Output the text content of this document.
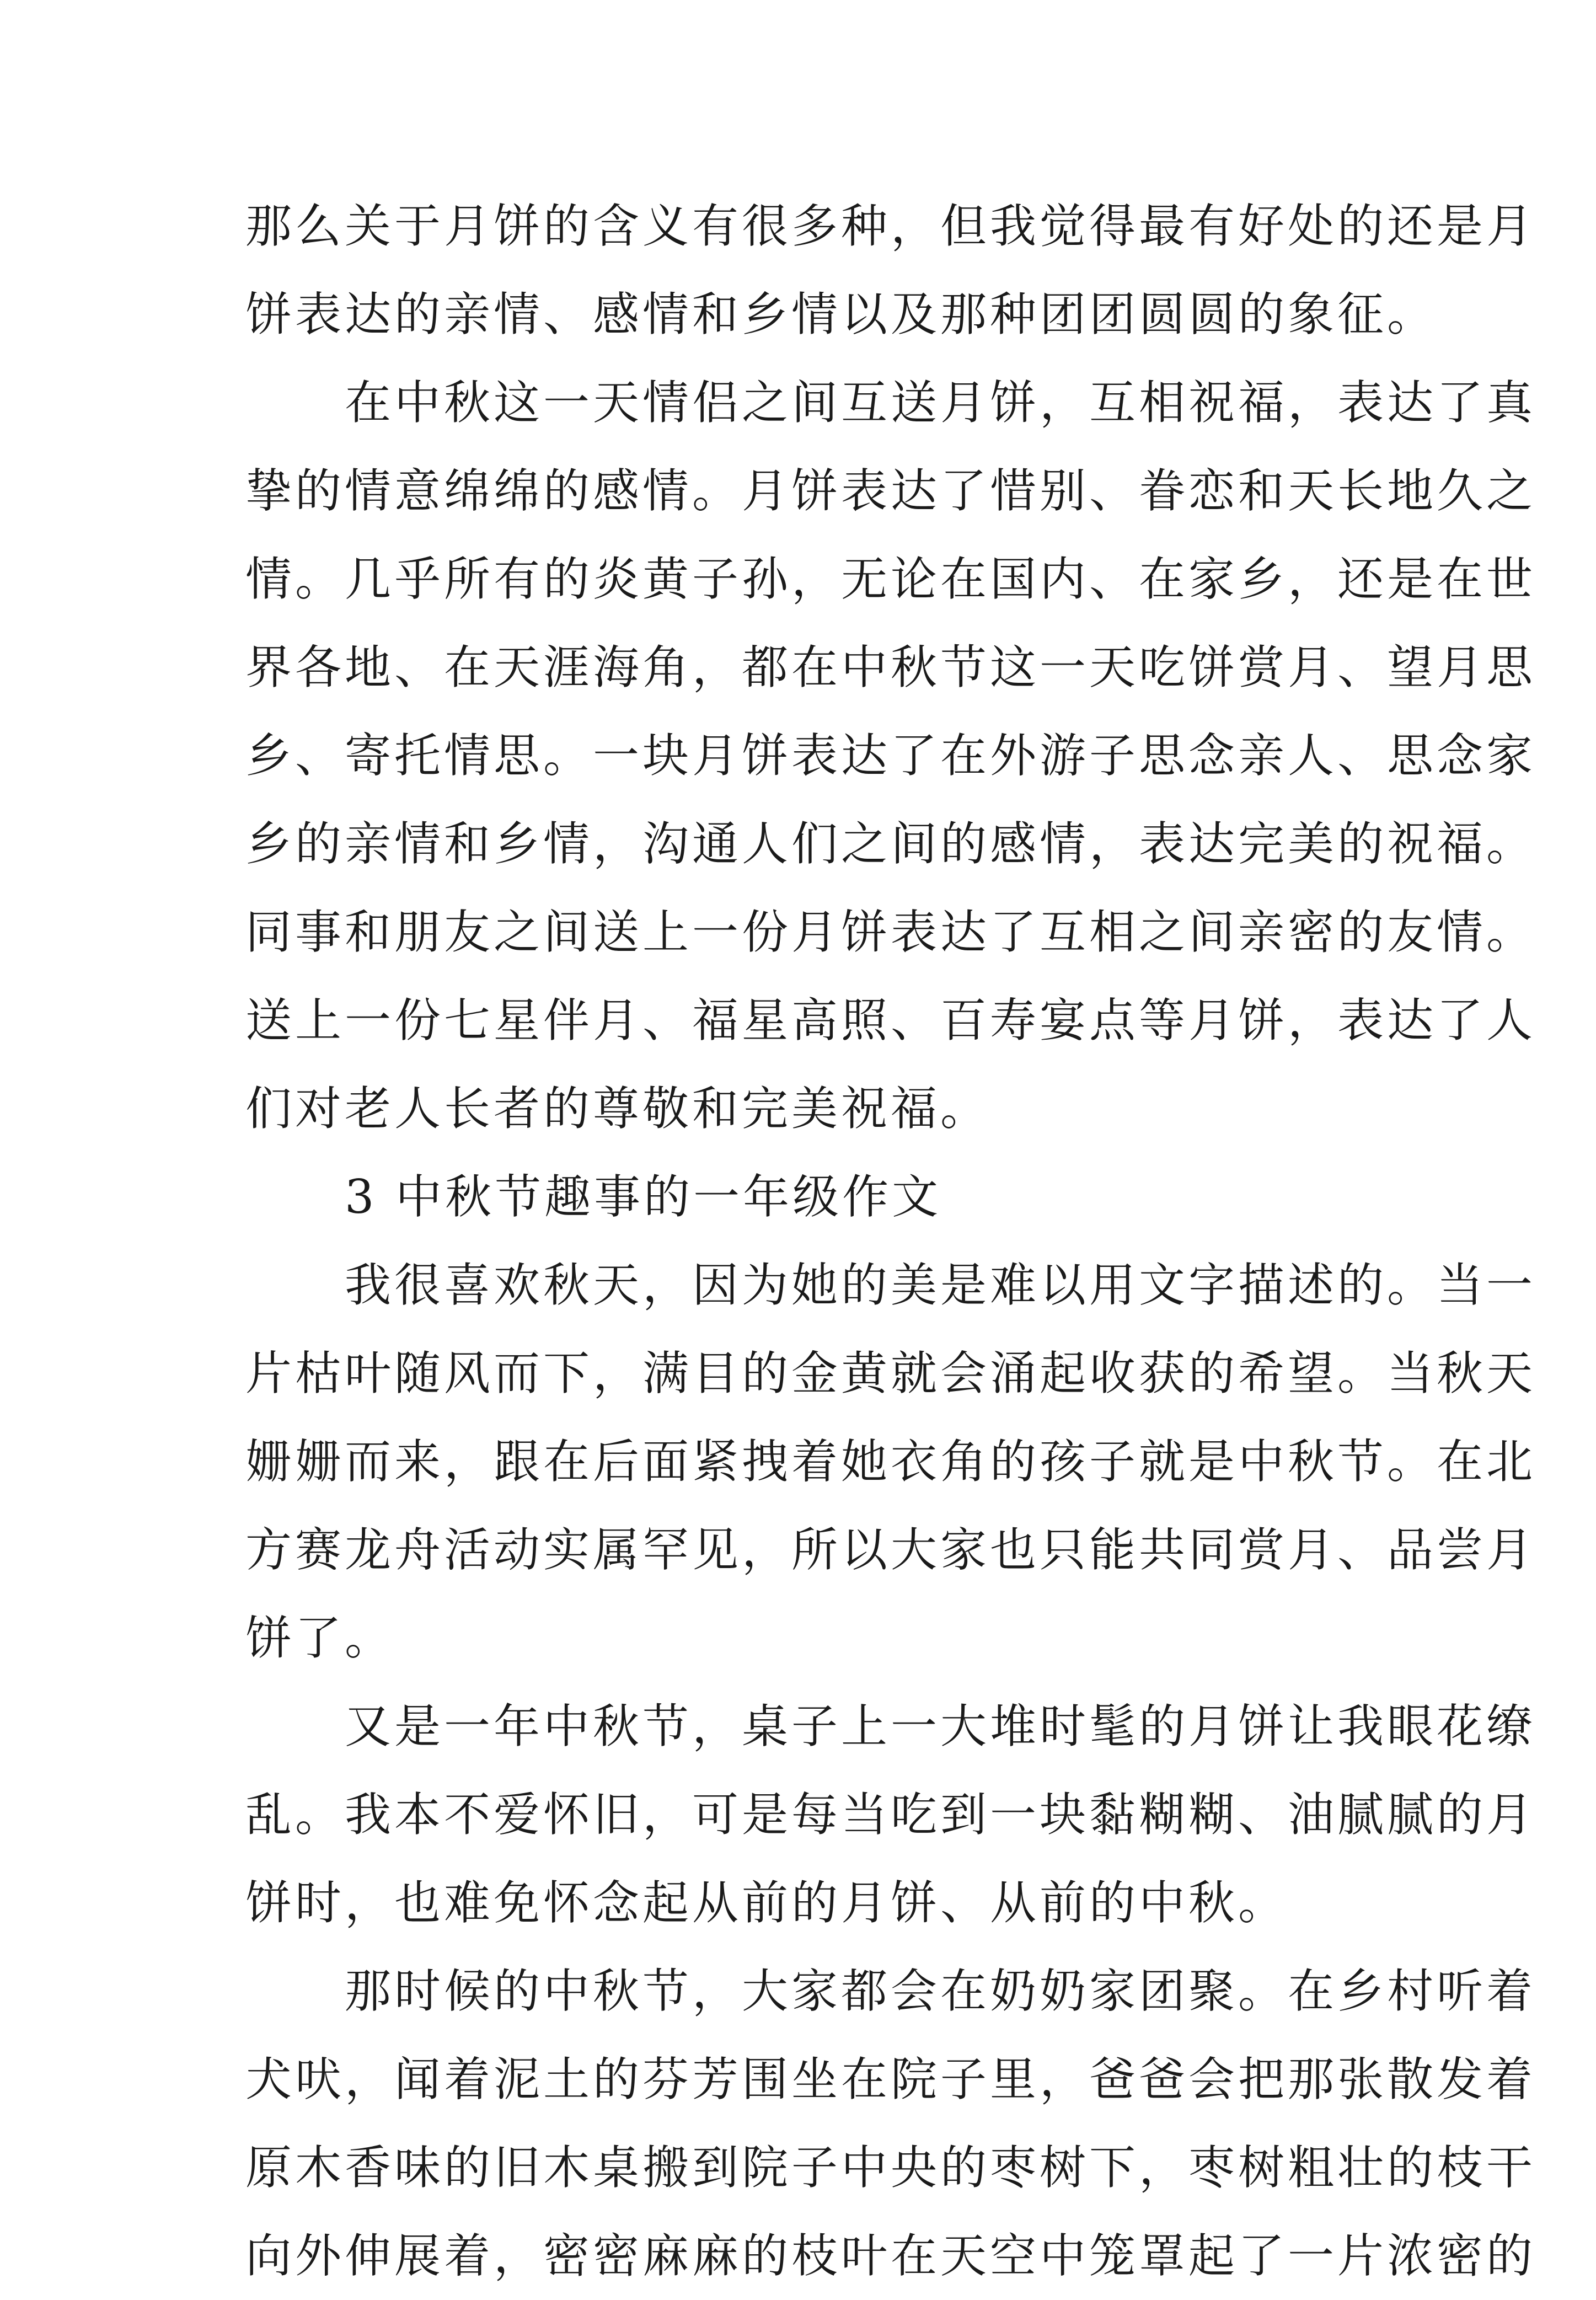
那么关于月饼的含义有很多种，但我觉得最有好处的还是月
饼表达的亲情、感情和乡情以及那种团团圆圆的象征。
　　在中秋这一天情侣之间互送月饼，互相祝福，表达了真
挚的情意绵绵的感情。月饼表达了惜别、眷恋和天长地久之
情。几乎所有的炎黄子孙，无论在国内、在家乡，还是在世
界各地、在天涯海角，都在中秋节这一天吃饼赏月、望月思
乡、寄托情思。一块月饼表达了在外游子思念亲人、思念家
乡的亲情和乡情，沟通人们之间的感情，表达完美的祝福。
同事和朋友之间送上一份月饼表达了互相之间亲密的友情。
送上一份七星伴月、福星高照、百寿宴点等月饼，表达了人
们对老人长者的尊敬和完美祝福。
　　3 中秋节趣事的一年级作文
　　我很喜欢秋天，因为她的美是难以用文字描述的。当一
片枯叶随风而下，满目的金黄就会涌起收获的希望。当秋天
姗姗而来，跟在后面紧拽着她衣角的孩子就是中秋节。在北
方赛龙舟活动实属罕见，所以大家也只能共同赏月、品尝月
饼了。
　　又是一年中秋节，桌子上一大堆时髦的月饼让我眼花缭
乱。我本不爱怀旧，可是每当吃到一块黏糊糊、油腻腻的月
饼时，也难免怀念起从前的月饼、从前的中秋。
　　那时候的中秋节，大家都会在奶奶家团聚。在乡村听着
犬吠，闻着泥土的芬芳围坐在院子里，爸爸会把那张散发着
原木香味的旧木桌搬到院子中央的枣树下，枣树粗壮的枝干
向外伸展着，密密麻麻的枝叶在天空中笼罩起了一片浓密的
